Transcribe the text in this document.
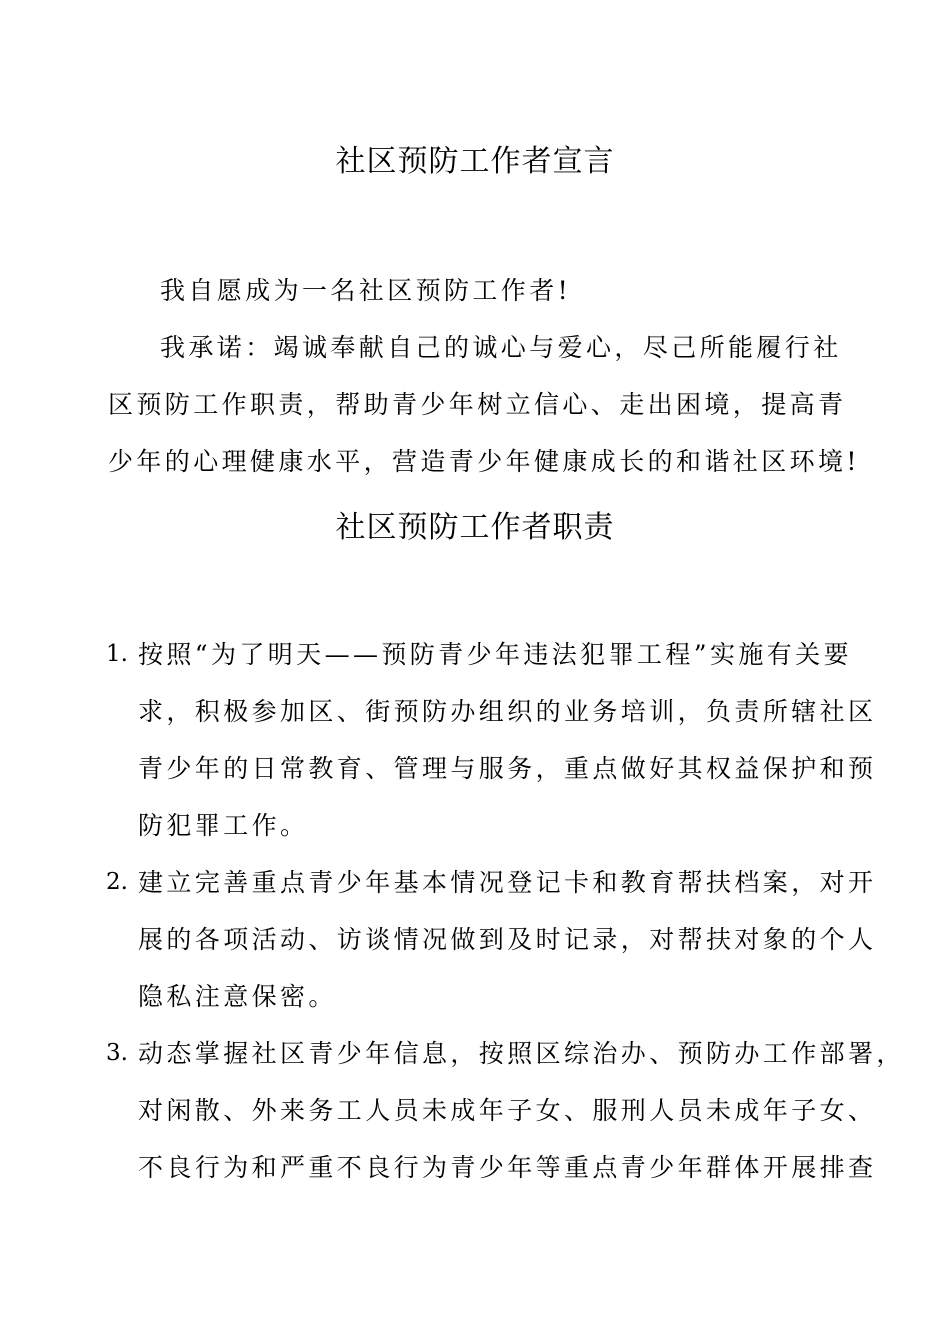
社区预防工作者宣言
我自愿成为一名社区预防工作者!
我承诺：竭诚奉献自己的诚心与爱心，尽己所能履行社
区预防工作职责，帮助青少年树立信心、走出困境，提高青
少年的心理健康水平，营造青少年健康成长的和谐社区环境!
社区预防工作者职责
1. 按照“为了明天——预防青少年违法犯罪工程”实施有关要
求，积极参加区、街预防办组织的业务培训，负责所辖社区
青少年的日常教育、管理与服务，重点做好其权益保护和预
防犯罪工作。
2. 建立完善重点青少年基本情况登记卡和教育帮扶档案，对开
展的各项活动、访谈情况做到及时记录，对帮扶对象的个人
隐私注意保密。
3. 动态掌握社区青少年信息，按照区综治办、预防办工作部署，
对闲散、外来务工人员未成年子女、服刑人员未成年子女、
不良行为和严重不良行为青少年等重点青少年群体开展排查
